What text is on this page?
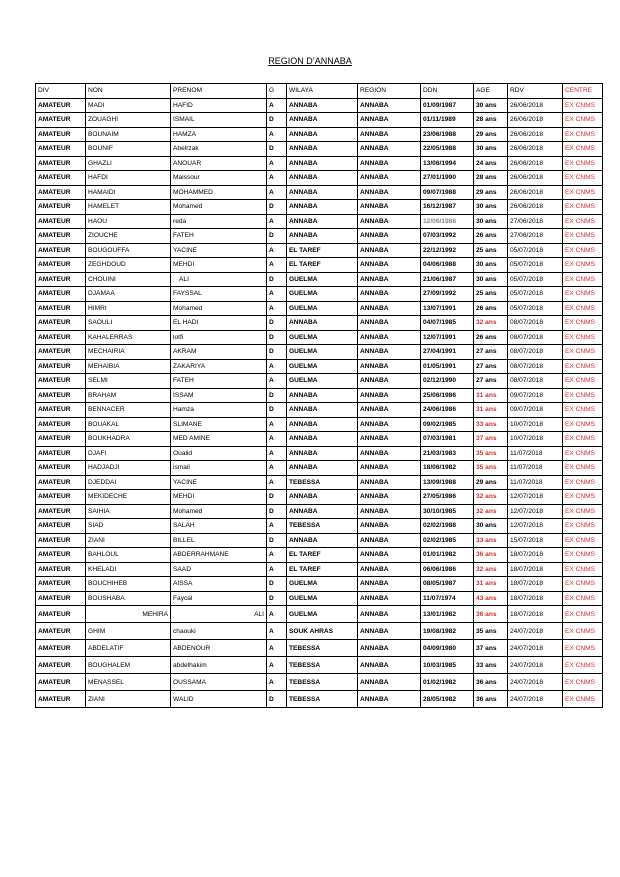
REGION D’ANNABA
DIV	NON	PRENOM	G	WILAYA	REGION	DDN	AGE	RDV	CENTRE
AMATEUR	MADI	HAFID	A	ANNABA	ANNABA	01/09/1987	30 ans	26/06/2018	EX CNMS
AMATEUR	ZOUAGHI	ISMAIL	D	ANNABA	ANNABA	01/11/1989	28 ans	26/06/2018	EX CNMS
AMATEUR	BOUNAIM	HAMZA	A	ANNABA	ANNABA	23/06/1988	29 ans	26/06/2018	EX CNMS
AMATEUR	BOUNIF	Abelrzak	D	ANNABA	ANNABA	22/05/1988	30 ans	26/06/2018	EX CNMS
AMATEUR	GHAZLI	ANOUAR	A	ANNABA	ANNABA	13/06/1994	24 ans	26/06/2018	EX CNMS
AMATEUR	HAFDI	Maissour	A	ANNABA	ANNABA	27/01/1990	28 ans	26/06/2018	EX CNMS
AMATEUR	HAMAIDI	MOHAMMED	A	ANNABA	ANNABA	09/07/1988	29 ans	26/06/2018	EX CNMS
AMATEUR	HAMELET	Mohamed	D	ANNABA	ANNABA	16/12/1987	30 ans	26/06/2018	EX CNMS
AMATEUR	HAOU	reda	A	ANNABA	ANNABA	12/06/1988	30 ans	27/06/2018	EX CNMS
AMATEUR	ZIOUCHE	FATEH	D	ANNABA	ANNABA	07/03/1992	26 ans	27/06/2018	EX CNMS
AMATEUR	BOUGOUFFA	YACINE	A	EL TAREF	ANNABA	22/12/1992	25 ans	05/07/2018	EX CNMS
AMATEUR	ZEGHDOUD	MEHDI	A	EL TAREF	ANNABA	04/06/1988	30 ans	05/07/2018	EX CNMS
AMATEUR	CHOUINI	ALI	D	GUELMA	ANNABA	21/06/1987	30 ans	05/07/2018	EX CNMS
AMATEUR	DJAMAA	FAYSSAL	A	GUELMA	ANNABA	27/09/1992	25 ans	05/07/2018	EX CNMS
AMATEUR	HIMRI	Mohamed	A	GUELMA	ANNABA	13/07/1991	26 ans	05/07/2018	EX CNMS
AMATEUR	SAOULI	EL HADI	D	ANNABA	ANNABA	04/07/1985	32 ans	08/07/2018	EX CNMS
AMATEUR	KAHALERRAS	lotfi	D	GUELMA	ANNABA	12/07/1991	26 ans	08/07/2018	EX CNMS
AMATEUR	MECHAIRIA	AKRAM	D	GUELMA	ANNABA	27/04/1991	27 ans	08/07/2018	EX CNMS
AMATEUR	MEHAIBIA	ZAKARIYA	A	GUELMA	ANNABA	01/05/1991	27 ans	08/07/2018	EX CNMS
AMATEUR	SELMI	FATEH	A	GUELMA	ANNABA	02/12/1990	27 ans	08/07/2018	EX CNMS
AMATEUR	BRAHAM	ISSAM	D	ANNABA	ANNABA	25/06/1986	31 ans	09/07/2018	EX CNMS
AMATEUR	BENNACER	Hamza	D	ANNABA	ANNABA	24/06/1986	31 ans	09/07/2018	EX CNMS
AMATEUR	BOUAKAL	SLIMANE	A	ANNABA	ANNABA	09/02/1985	33 ans	10/07/2018	EX CNMS
AMATEUR	BOUKHADRA	MED AMINE	A	ANNABA	ANNABA	07/03/1981	37 ans	10/07/2018	EX CNMS
AMATEUR	DJAFI	Oualid	A	ANNABA	ANNABA	21/03/1983	35 ans	11/07/2018	EX CNMS
AMATEUR	HADJADJI	ismail	A	ANNABA	ANNABA	18/06/1982	35 ans	11/07/2018	EX CNMS
AMATEUR	DJEDDAI	YACINE	A	TEBESSA	ANNABA	13/09/1988	29 ans	11/07/2018	EX CNMS
AMATEUR	MEKIDECHE	MEHDI	D	ANNABA	ANNABA	27/05/1986	32 ans	12/07/2018	EX CNMS
AMATEUR	SAIHIA	Mohamed	D	ANNABA	ANNABA	30/10/1985	32 ans	12/07/2018	EX CNMS
AMATEUR	SIAD	SALAH	A	TEBESSA	ANNABA	02/02/1988	30 ans	12/07/2018	EX CNMS
AMATEUR	ZIANI	BILLEL	D	ANNABA	ANNABA	02/02/1985	33 ans	15/07/2018	EX CNMS
AMATEUR	BAHLOUL	ABDERRAHMANE	A	EL TAREF	ANNABA	01/01/1982	36 ans	18/07/2018	EX CNMS
AMATEUR	KHELADI	SAAD	A	EL TAREF	ANNABA	06/06/1986	32 ans	18/07/2018	EX CNMS
AMATEUR	BOUCHIHEB	AISSA	D	GUELMA	ANNABA	08/05/1987	31 ans	18/07/2018	EX CNMS
AMATEUR	BOUSHABA	Faycal	D	GUELMA	ANNABA	11/07/1974	43 ans	18/07/2018	EX CNMS
AMATEUR	MEHIRA	ALI	A	GUELMA	ANNABA	13/01/1982	36 ans	18/07/2018	EX CNMS
AMATEUR	GHIM	chaouki	A	SOUK AHRAS	ANNABA	19/08/1982	35 ans	24/07/2018	EX CNMS
AMATEUR	ABDELATIF	ABDENOUR	A	TEBESSA	ANNABA	04/09/1980	37 ans	24/07/2018	EX CNMS
AMATEUR	BOUGHALEM	abdelhakim	A	TEBESSA	ANNABA	10/03/1985	33 ans	24/07/2018	EX CNMS
AMATEUR	MENASSEL	OUSSAMA	A	TEBESSA	ANNABA	01/02/1982	36 ans	24/07/2018	EX CNMS
AMATEUR	ZIANI	WALID	D	TEBESSA	ANNABA	28/05/1982	36 ans	24/07/2018	EX CNMS
